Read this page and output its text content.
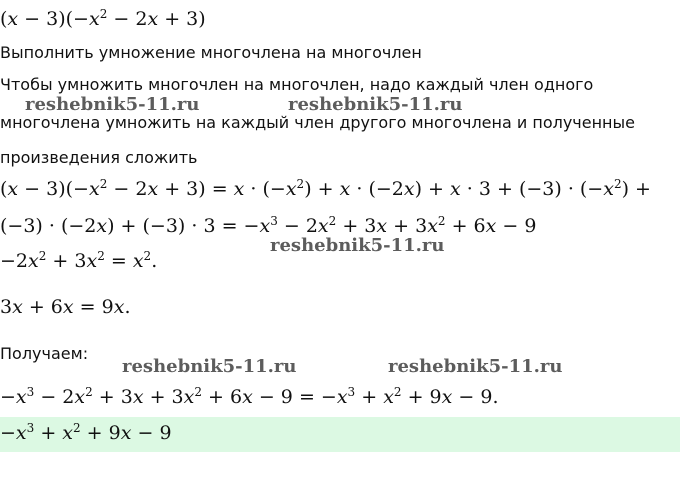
$(x - 3)(-x^2 - 2x + 3)$
Выполнить умножение многочлена на многочлен
Чтобы умножить многочлен на многочлен, надо каждый член одного
многочлена умножить на каждый член другого многочлена и полученные
произведения сложить
$(x - 3)(-x^2 - 2x + 3) = x \cdot (-x^2) + x \cdot (-2x) + x \cdot 3 + (-3) \cdot (-x^2)$ +
$(-3) \cdot (-2x) + (-3) \cdot 3 = -x^3 - 2x^2 + 3x + 3x^2 + 6x - 9$
$-2x^2 + 3x^2 = x^2$.
3x + 6x = 9x.
Получаем:
$-x^3 - 2x^2 + 3x + 3x^2 + 6x - 9 = -x^3 + x^2 + 9x - 9$.
$-x^3 + x^2 + 9x - 9$
reshebnik5-11.ru	reshebnik5-11.ru
reshebnik5-11.ru
reshebnik5-11.ru	reshebnik5-11.ru
